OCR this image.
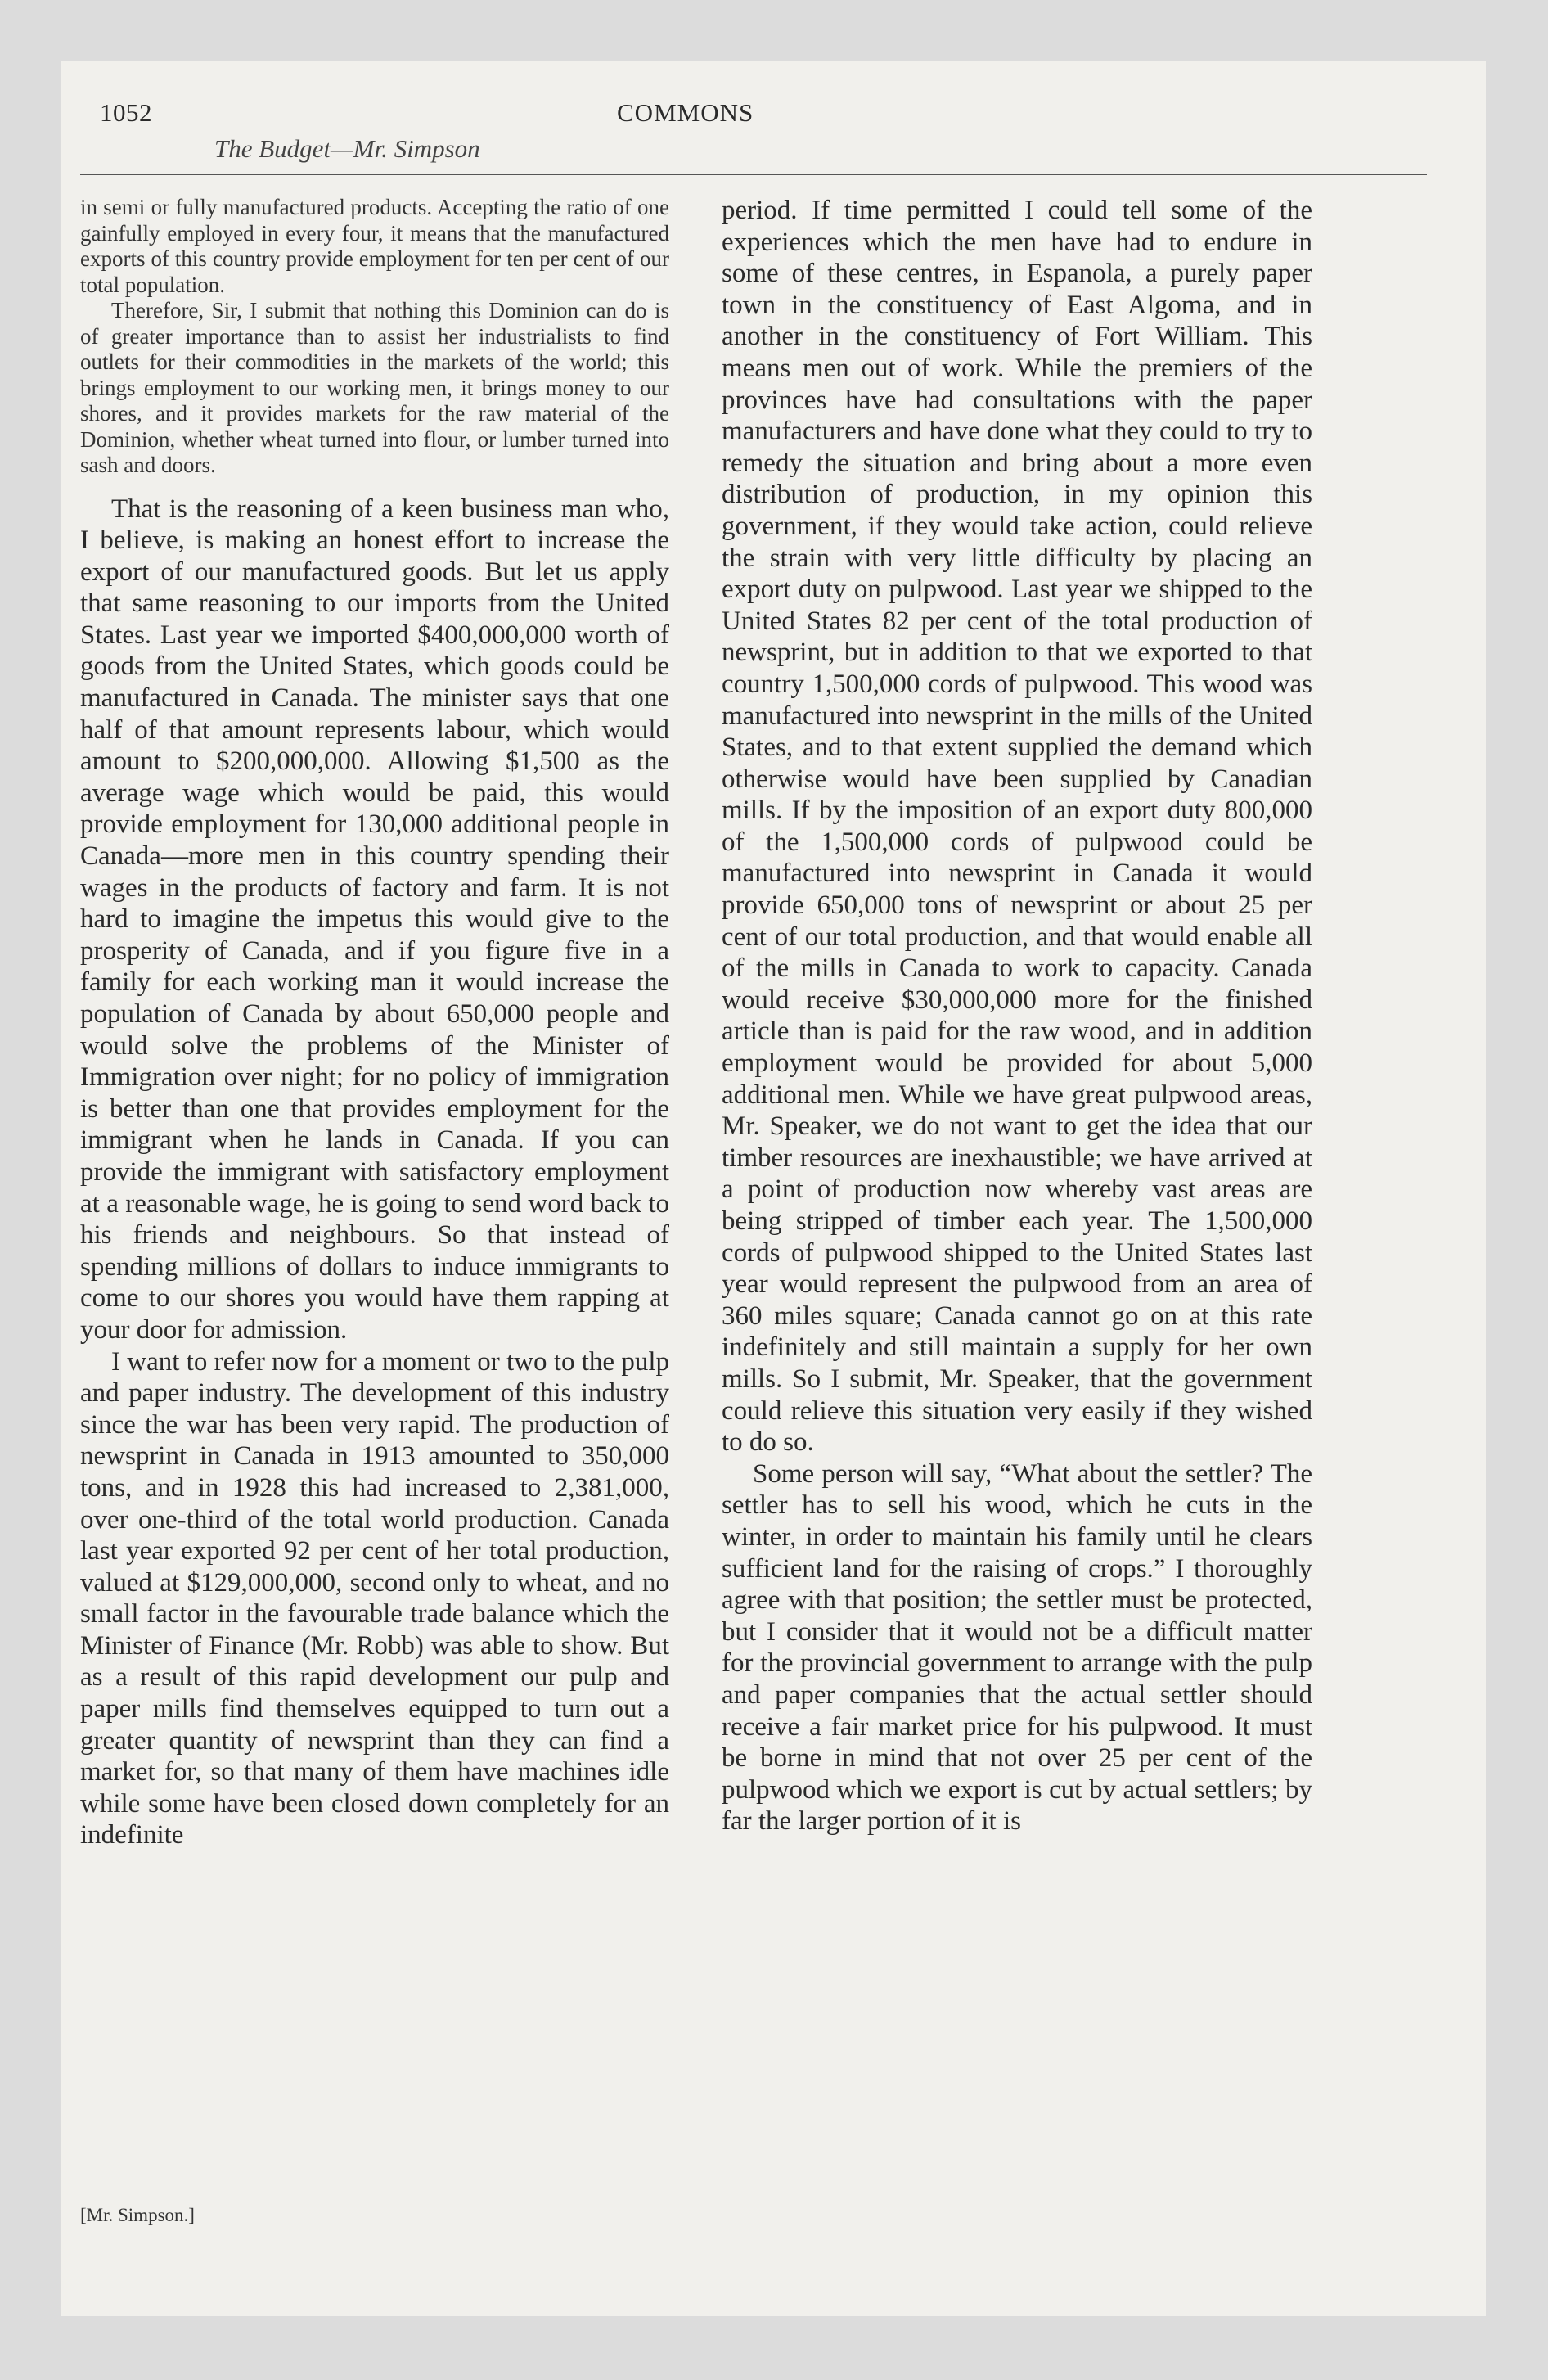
1052	COMMONS
The Budget—Mr. Simpson

in semi or fully manufactured products. Accepting the ratio of one gainfully employed in every four, it means that the manufactured exports of this country provide employment for ten per cent of our total population.

Therefore, Sir, I submit that nothing this Dominion can do is of greater importance than to assist her industrialists to find outlets for their commodities in the markets of the world; this brings employment to our working men, it brings money to our shores, and it provides markets for the raw material of the Dominion, whether wheat turned into flour, or lumber turned into sash and doors.

That is the reasoning of a keen business man who, I believe, is making an honest effort to increase the export of our manufactured goods. But let us apply that same reasoning to our imports from the United States. Last year we imported $400,000,000 worth of goods from the United States, which goods could be manufactured in Canada. The minister says that one half of that amount represents labour, which would amount to $200,000,000. Allowing $1,500 as the average wage which would be paid, this would provide employment for 130,000 additional people in Canada—more men in this country spending their wages in the products of factory and farm. It is not hard to imagine the impetus this would give to the prosperity of Canada, and if you figure five in a family for each working man it would increase the population of Canada by about 650,000 people and would solve the problems of the Minister of Immigration over night; for no policy of immigration is better than one that provides employment for the immigrant when he lands in Canada. If you can provide the immigrant with satisfactory employment at a reasonable wage, he is going to send word back to his friends and neighbours. So that instead of spending millions of dollars to induce immigrants to come to our shores you would have them rapping at your door for admission.

I want to refer now for a moment or two to the pulp and paper industry. The development of this industry since the war has been very rapid. The production of newsprint in Canada in 1913 amounted to 350,000 tons, and in 1928 this had increased to 2,381,000, over one-third of the total world production. Canada last year exported 92 per cent of her total production, valued at $129,000,000, second only to wheat, and no small factor in the favourable trade balance which the Minister of Finance (Mr. Robb) was able to show. But as a result of this rapid development our pulp and paper mills find themselves equipped to turn out a greater quantity of newsprint than they can find a market for, so that many of them have machines idle while some have been closed down completely for an indefinite

period. If time permitted I could tell some of the experiences which the men have had to endure in some of these centres, in Espanola, a purely paper town in the constituency of East Algoma, and in another in the constituency of Fort William. This means men out of work. While the premiers of the provinces have had consultations with the paper manufacturers and have done what they could to try to remedy the situation and bring about a more even distribution of production, in my opinion this government, if they would take action, could relieve the strain with very little difficulty by placing an export duty on pulpwood. Last year we shipped to the United States 82 per cent of the total production of newsprint, but in addition to that we exported to that country 1,500,000 cords of pulpwood. This wood was manufactured into newsprint in the mills of the United States, and to that extent supplied the demand which otherwise would have been supplied by Canadian mills. If by the imposition of an export duty 800,000 of the 1,500,000 cords of pulpwood could be manufactured into newsprint in Canada it would provide 650,000 tons of newsprint or about 25 per cent of our total production, and that would enable all of the mills in Canada to work to capacity. Canada would receive $30,000,000 more for the finished article than is paid for the raw wood, and in addition employment would be provided for about 5,000 additional men. While we have great pulpwood areas, Mr. Speaker, we do not want to get the idea that our timber resources are inexhaustible; we have arrived at a point of production now whereby vast areas are being stripped of timber each year. The 1,500,000 cords of pulpwood shipped to the United States last year would represent the pulpwood from an area of 360 miles square; Canada cannot go on at this rate indefinitely and still maintain a supply for her own mills. So I submit, Mr. Speaker, that the government could relieve this situation very easily if they wished to do so.

Some person will say, “What about the settler? The settler has to sell his wood, which he cuts in the winter, in order to maintain his family until he clears sufficient land for the raising of crops.” I thoroughly agree with that position; the settler must be protected, but I consider that it would not be a difficult matter for the provincial government to arrange with the pulp and paper companies that the actual settler should receive a fair market price for his pulpwood. It must be borne in mind that not over 25 per cent of the pulpwood which we export is cut by actual settlers; by far the larger portion of it is

[Mr. Simpson.]
